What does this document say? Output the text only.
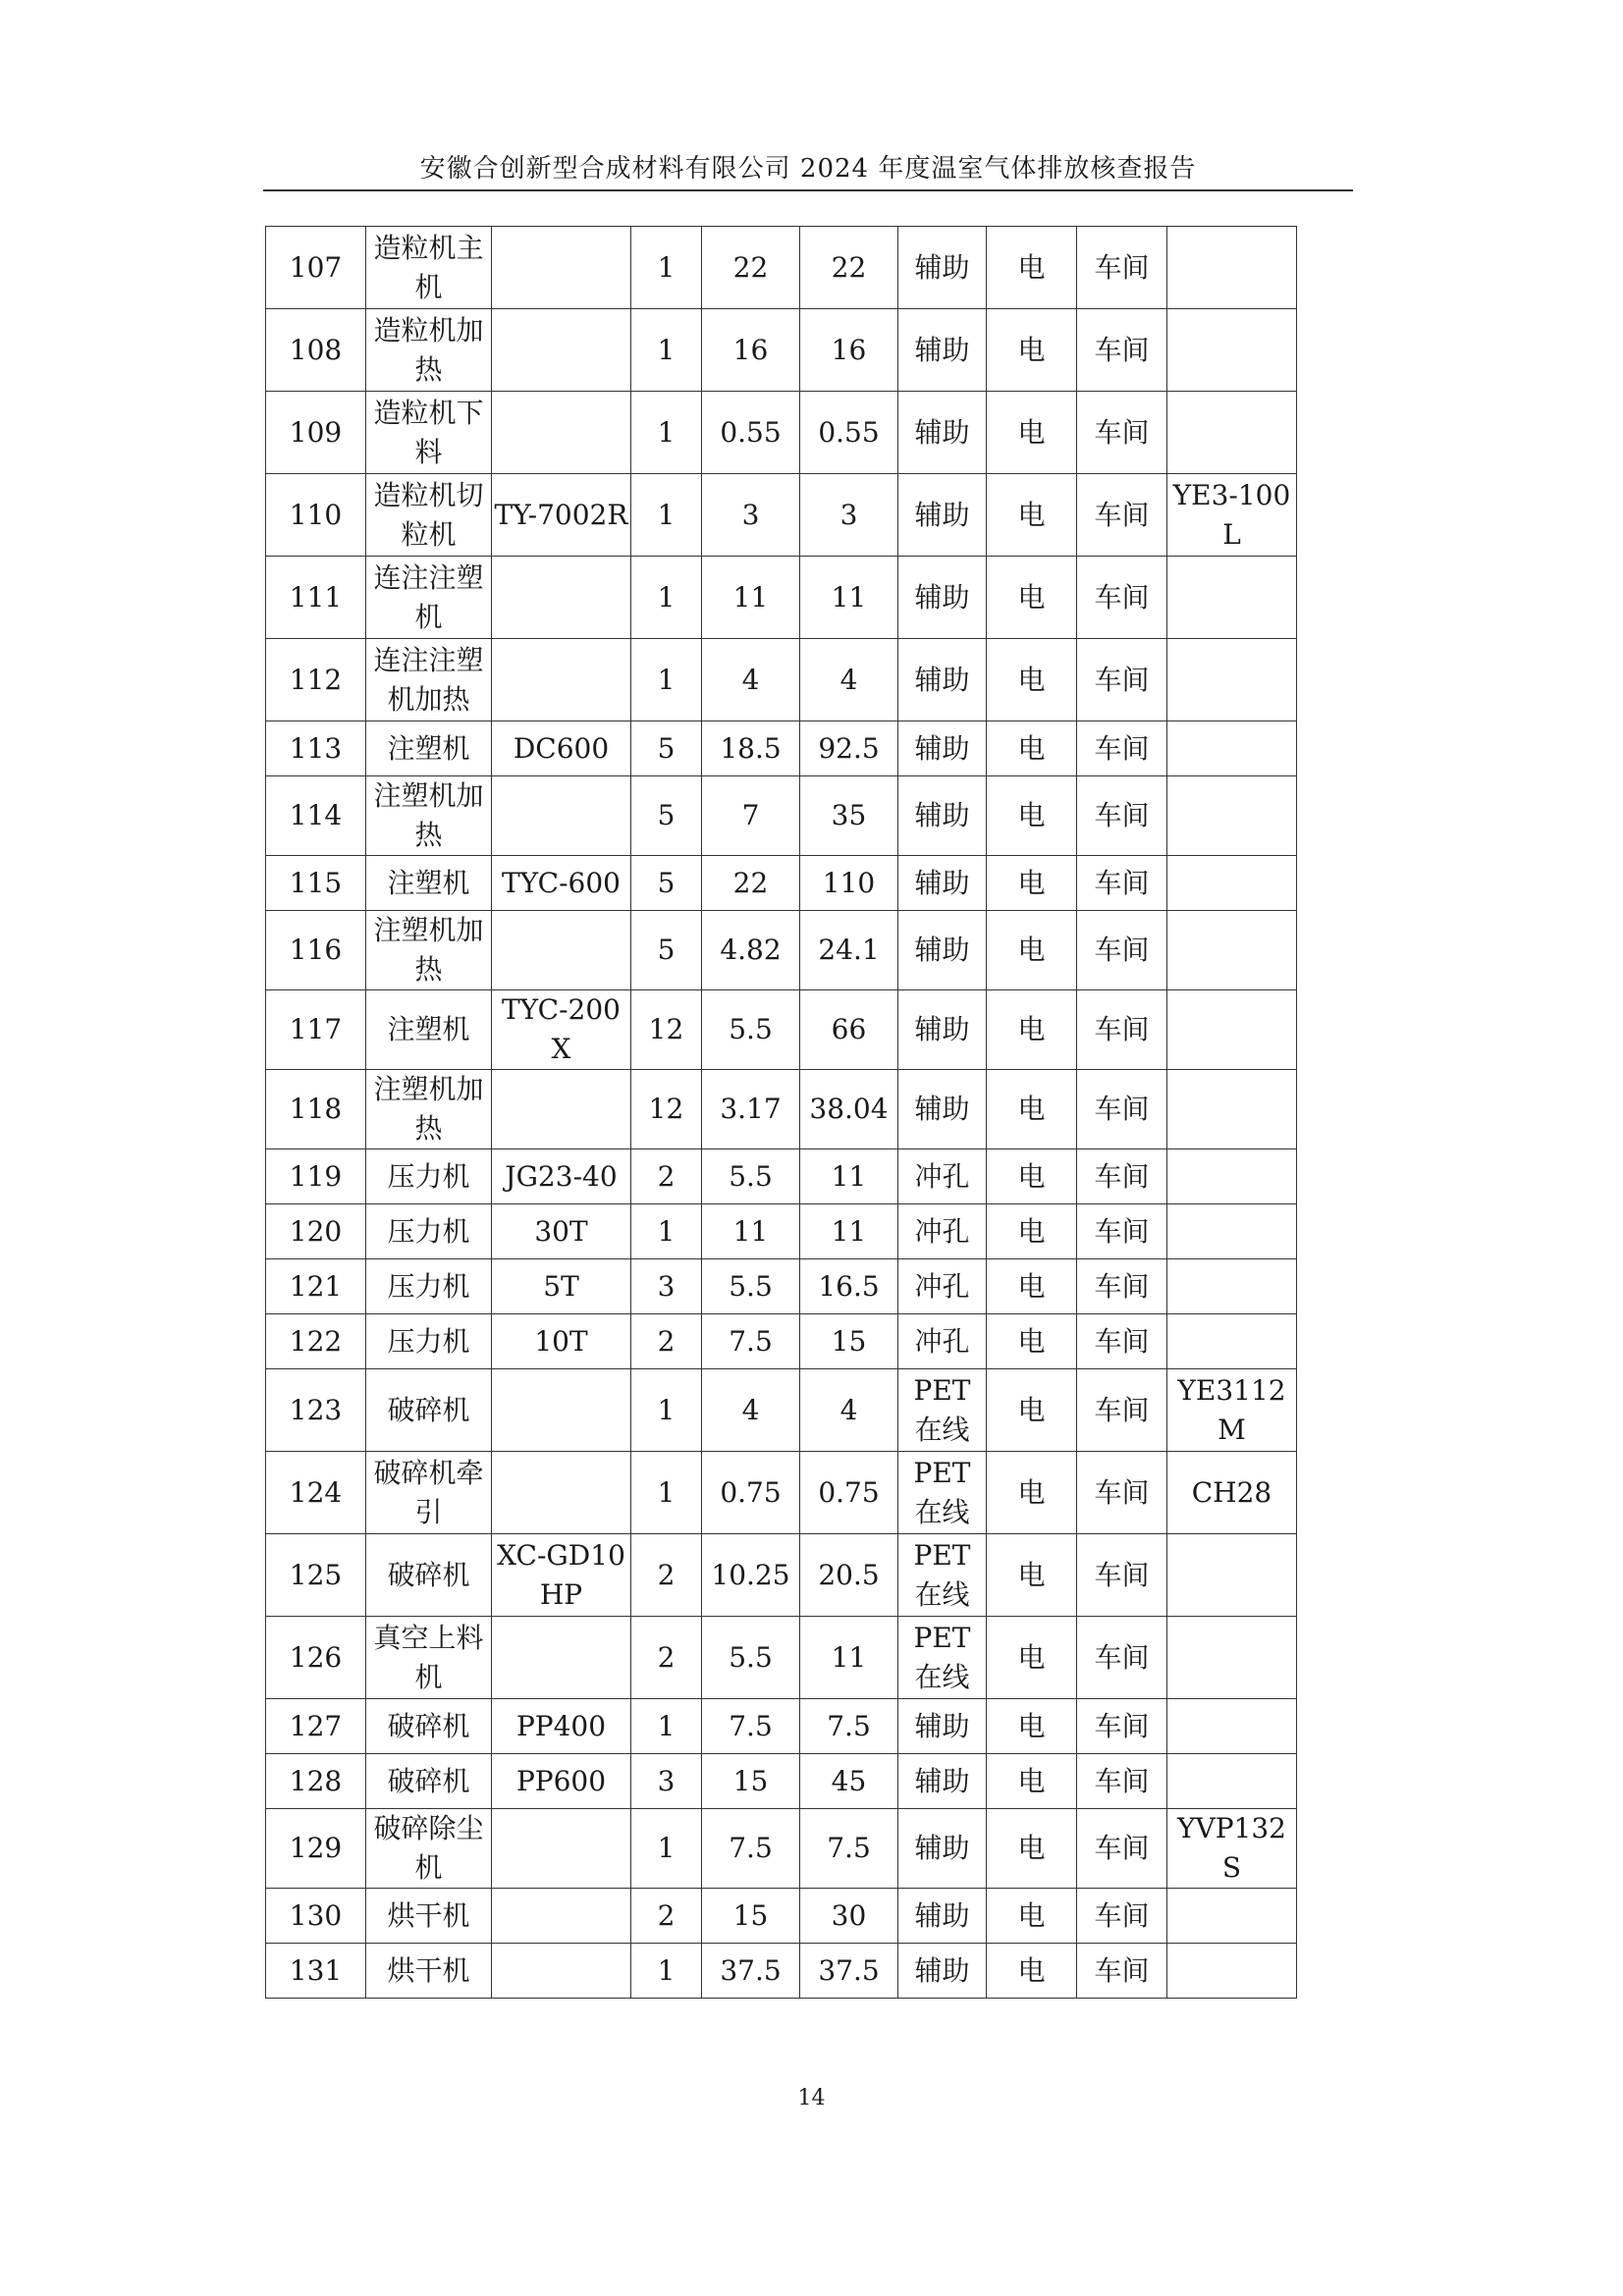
安徽合创新型合成材料有限公司 2024 年度温室气体排放核查报告
107	造粒机主机		1	22	22	辅助	电	车间	
108	造粒机加热		1	16	16	辅助	电	车间	
109	造粒机下料		1	0.55	0.55	辅助	电	车间	
110	造粒机切粒机	TY-7002R	1	3	3	辅助	电	车间	YE3-100L
111	连注注塑机		1	11	11	辅助	电	车间	
112	连注注塑机加热		1	4	4	辅助	电	车间	
113	注塑机	DC600	5	18.5	92.5	辅助	电	车间	
114	注塑机加热		5	7	35	辅助	电	车间	
115	注塑机	TYC-600	5	22	110	辅助	电	车间	
116	注塑机加热		5	4.82	24.1	辅助	电	车间	
117	注塑机	TYC-200X	12	5.5	66	辅助	电	车间	
118	注塑机加热		12	3.17	38.04	辅助	电	车间	
119	压力机	JG23-40	2	5.5	11	冲孔	电	车间	
120	压力机	30T	1	11	11	冲孔	电	车间	
121	压力机	5T	3	5.5	16.5	冲孔	电	车间	
122	压力机	10T	2	7.5	15	冲孔	电	车间	
123	破碎机		1	4	4	PET在线	电	车间	YE3112M
124	破碎机牵引		1	0.75	0.75	PET在线	电	车间	CH28
125	破碎机	XC-GD10HP	2	10.25	20.5	PET在线	电	车间	
126	真空上料机		2	5.5	11	PET在线	电	车间	
127	破碎机	PP400	1	7.5	7.5	辅助	电	车间	
128	破碎机	PP600	3	15	45	辅助	电	车间	
129	破碎除尘机		1	7.5	7.5	辅助	电	车间	YVP132S
130	烘干机		2	15	30	辅助	电	车间	
131	烘干机		1	37.5	37.5	辅助	电	车间	
14
